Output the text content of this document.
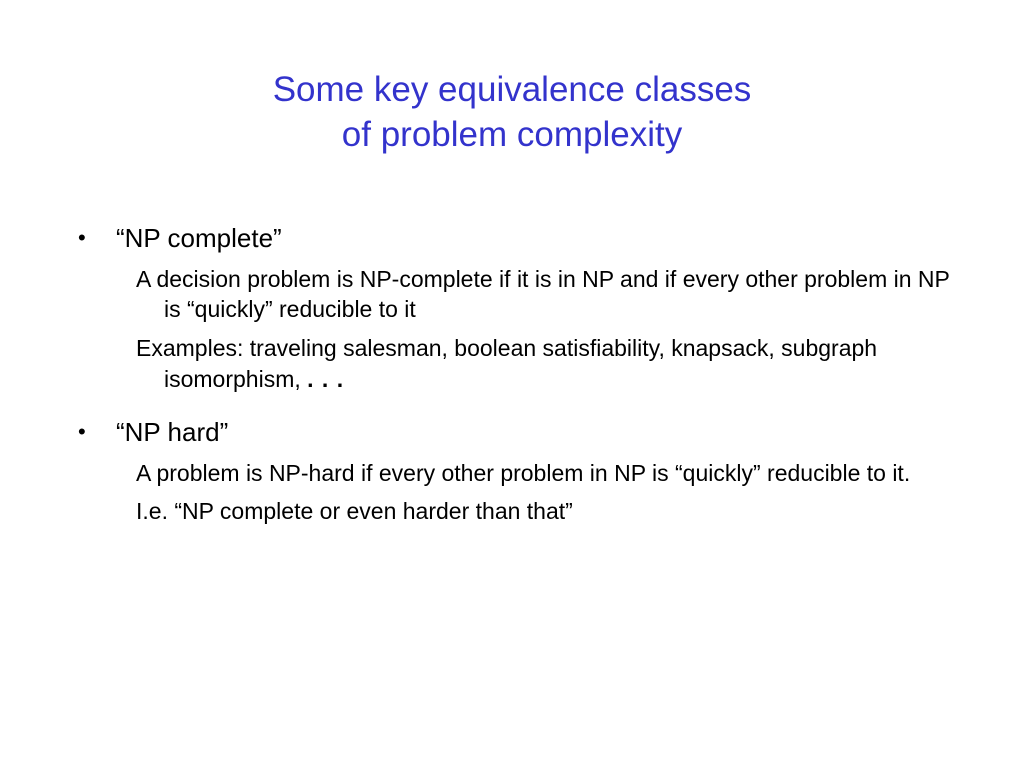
Some key equivalence classes
of problem complexity
•	“NP complete”
A decision problem is NP-complete if it is in NP and if every other problem in NP is “quickly” reducible to it
Examples: traveling salesman, boolean satisfiability, knapsack, subgraph isomorphism, . . .
•	“NP hard”
A problem is NP-hard if every other problem in NP is “quickly” reducible to it.
I.e. “NP complete or even harder than that”
